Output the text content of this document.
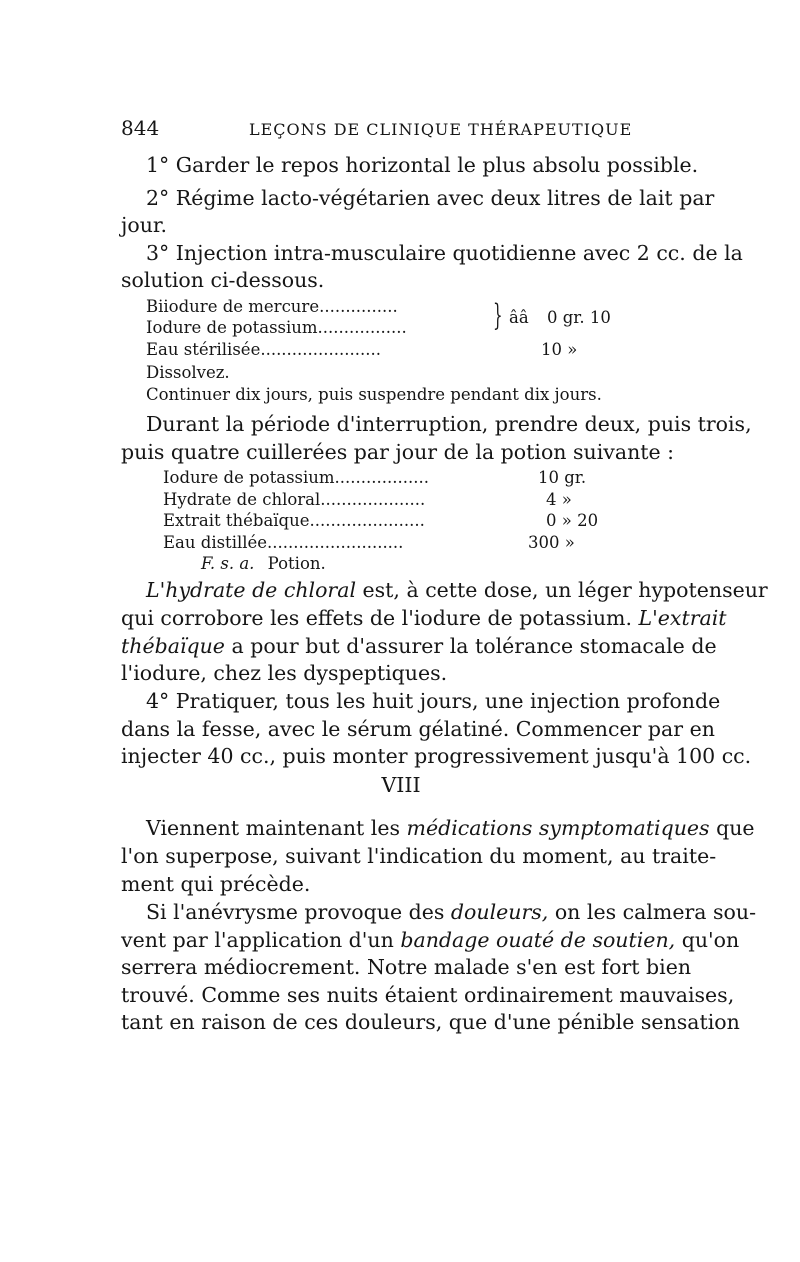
844	LEÇONS DE CLINIQUE THÉRAPEUTIQUE
1° Garder le repos horizontal le plus absolu possible.
2° Régime lacto-végétarien avec deux litres de lait par
jour.
3° Injection intra-musculaire quotidienne avec 2 cc. de la
solution ci-dessous.
Biiodure de mercure...............
Iodure de potassium.................	} ââ 0 gr. 10
Eau stérilisée.......................	10 »
Dissolvez.
Continuer dix jours, puis suspendre pendant dix jours.
Durant la période d'interruption, prendre deux, puis trois,
puis quatre cuillerées par jour de la potion suivante :
Iodure de potassium..................	10 gr.
Hydrate de chloral....................	4 »
Extrait thébaïque......................	0 » 20
Eau distillée..........................	300 »
F. s. a. Potion.
L'hydrate de chloral est, à cette dose, un léger hypotenseur
qui corrobore les effets de l'iodure de potassium. L'extrait
thébaïque a pour but d'assurer la tolérance stomacale de
l'iodure, chez les dyspeptiques.
4° Pratiquer, tous les huit jours, une injection profonde
dans la fesse, avec le sérum gélatiné. Commencer par en
injecter 40 cc., puis monter progressivement jusqu'à 100 cc.
VIII
Viennent maintenant les médications symptomatiques que
l'on superpose, suivant l'indication du moment, au traite-
ment qui précède.
Si l'anévrysme provoque des douleurs, on les calmera sou-
vent par l'application d'un bandage ouaté de soutien, qu'on
serrera médiocrement. Notre malade s'en est fort bien
trouvé. Comme ses nuits étaient ordinairement mauvaises,
tant en raison de ces douleurs, que d'une pénible sensation
